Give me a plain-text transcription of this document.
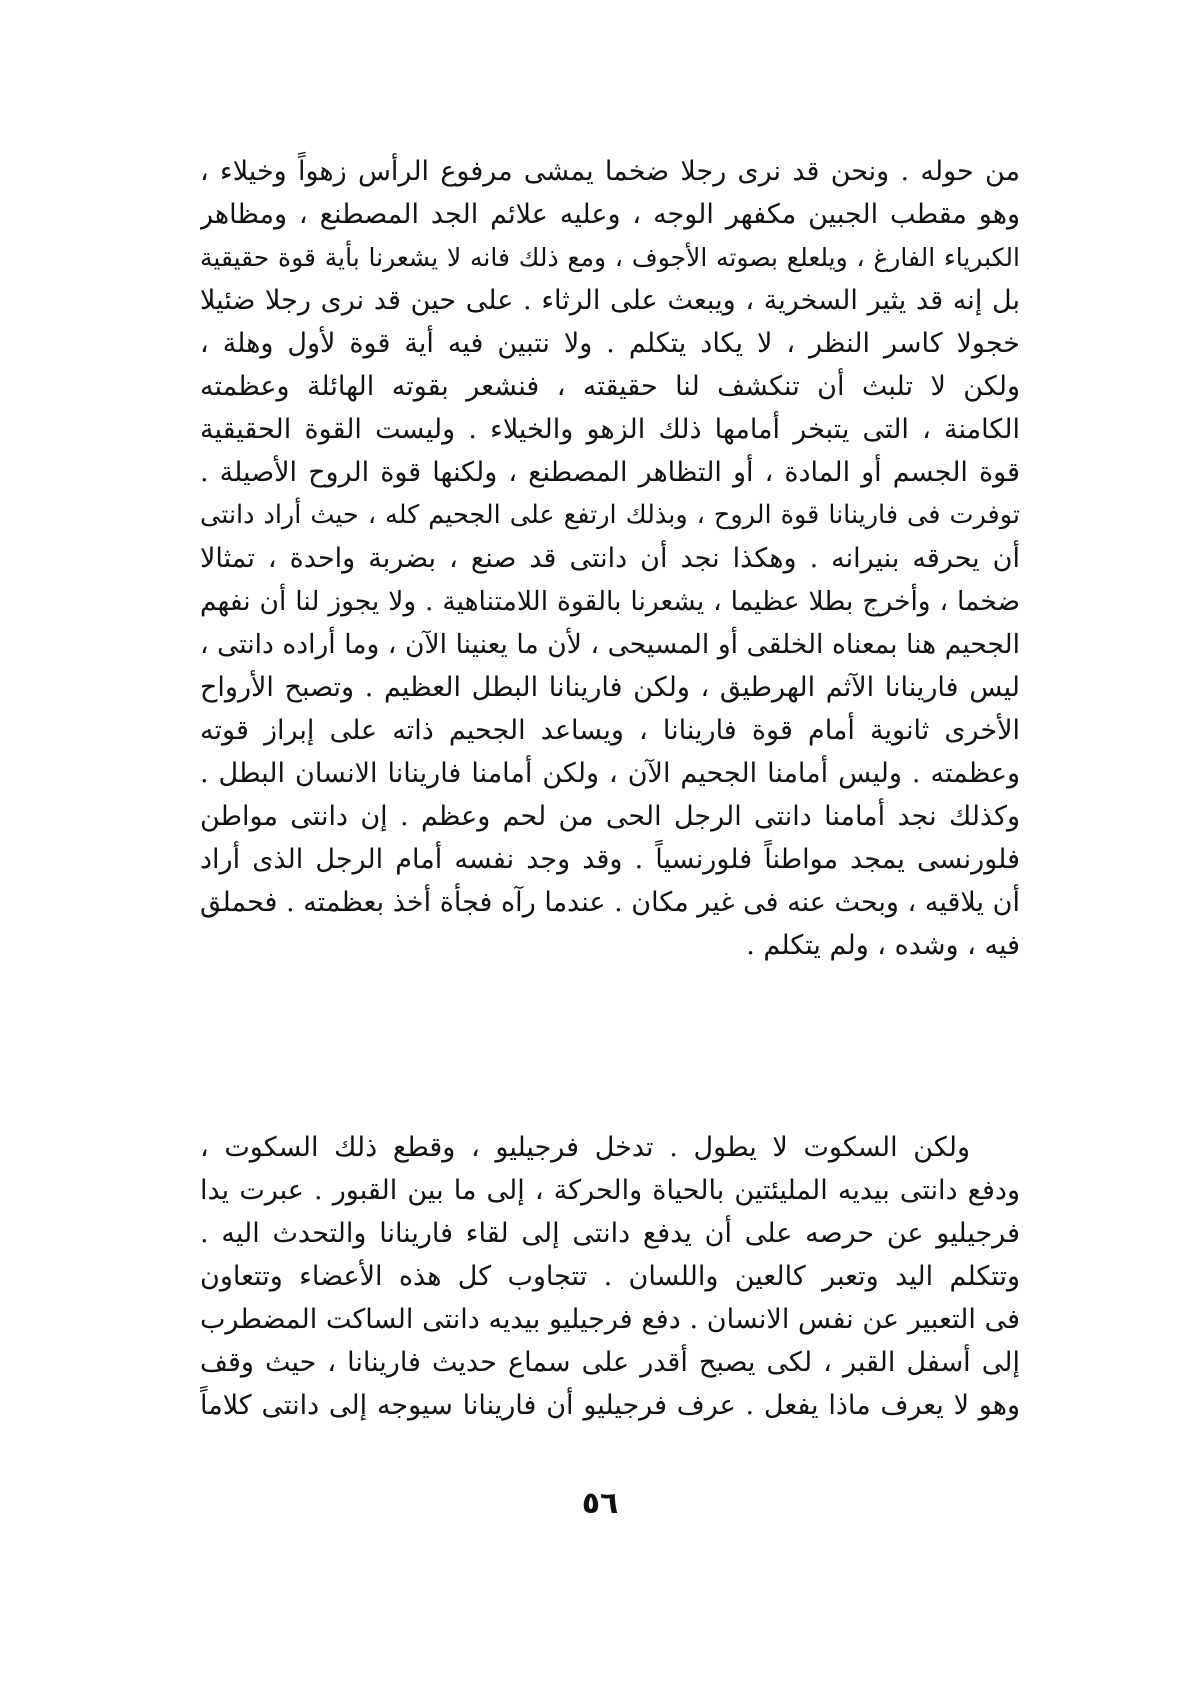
من حوله . ونحن قد نرى رجلا ضخما يمشى مرفوع الرأس زهواً وخيلاء ،
وهو مقطب الجبين مكفهر الوجه ، وعليه علائم الجد المصطنع ، ومظاهر
الكبرياء الفارغ ، ويلعلع بصوته الأجوف ، ومع ذلك فانه لا يشعرنا بأية قوة حقيقية
بل إنه قد يثير السخرية ، ويبعث على الرثاء . على حين قد نرى رجلا ضئيلا
خجولا كاسر النظر ، لا يكاد يتكلم . ولا نتبين فيه أية قوة لأول وهلة ،
ولكن لا تلبث أن تنكشف لنا حقيقته ، فنشعر بقوته الهائلة وعظمته
الكامنة ، التى يتبخر أمامها ذلك الزهو والخيلاء . وليست القوة الحقيقية
قوة الجسم أو المادة ، أو التظاهر المصطنع ، ولكنها قوة الروح الأصيلة .
توفرت فى فارينانا قوة الروح ، وبذلك ارتفع على الجحيم كله ، حيث أراد دانتى
أن يحرقه بنيرانه . وهكذا نجد أن دانتى قد صنع ، بضربة واحدة ، تمثالا
ضخما ، وأخرج بطلا عظيما ، يشعرنا بالقوة اللامتناهية . ولا يجوز لنا أن نفهم
الجحيم هنا بمعناه الخلقى أو المسيحى ، لأن ما يعنينا الآن ، وما أراده دانتى ،
ليس فارينانا الآثم الهرطيق ، ولكن فارينانا البطل العظيم . وتصبح الأرواح
الأخرى ثانوية أمام قوة فارينانا ، ويساعد الجحيم ذاته على إبراز قوته
وعظمته . وليس أمامنا الجحيم الآن ، ولكن أمامنا فارينانا الانسان البطل .
وكذلك نجد أمامنا دانتى الرجل الحى من لحم وعظم . إن دانتى مواطن
فلورنسى يمجد مواطناً فلورنسياً . وقد وجد نفسه أمام الرجل الذى أراد
أن يلاقيه ، وبحث عنه فى غير مكان . عندما رآه فجأة أخذ بعظمته . فحملق
فيه ، وشده ، ولم يتكلم .
ولكن السكوت لا يطول . تدخل فرجيليو ، وقطع ذلك السكوت ،
ودفع دانتى بيديه المليئتين بالحياة والحركة ، إلى ما بين القبور . عبرت يدا
فرجيليو عن حرصه على أن يدفع دانتى إلى لقاء فارينانا والتحدث اليه .
وتتكلم اليد وتعبر كالعين واللسان . تتجاوب كل هذه الأعضاء وتتعاون
فى التعبير عن نفس الانسان . دفع فرجيليو بيديه دانتى الساكت المضطرب
إلى أسفل القبر ، لكى يصبح أقدر على سماع حديث فارينانا ، حيث وقف
وهو لا يعرف ماذا يفعل . عرف فرجيليو أن فارينانا سيوجه إلى دانتى كلاماً
٥٦
